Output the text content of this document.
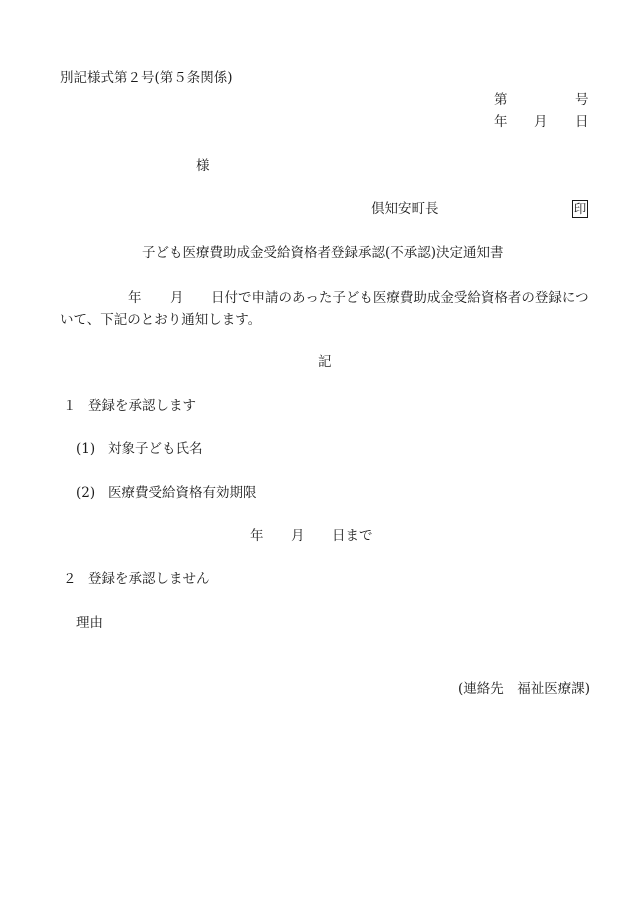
別記様式第２号(第５条関係)
第	号
年 月 日
様
倶知安町長	印
子ども医療費助成金受給資格者登録承認(不承認)決定通知書
年 月 日付で申請のあった子ども医療費助成金受給資格者の登録につ
いて、下記のとおり通知します。
記
１ 登録を承認します
(1) 対象子ども氏名
(2) 医療費受給資格有効期限
年 月 日まで
２ 登録を承認しません
理由
(連絡先　福祉医療課)
